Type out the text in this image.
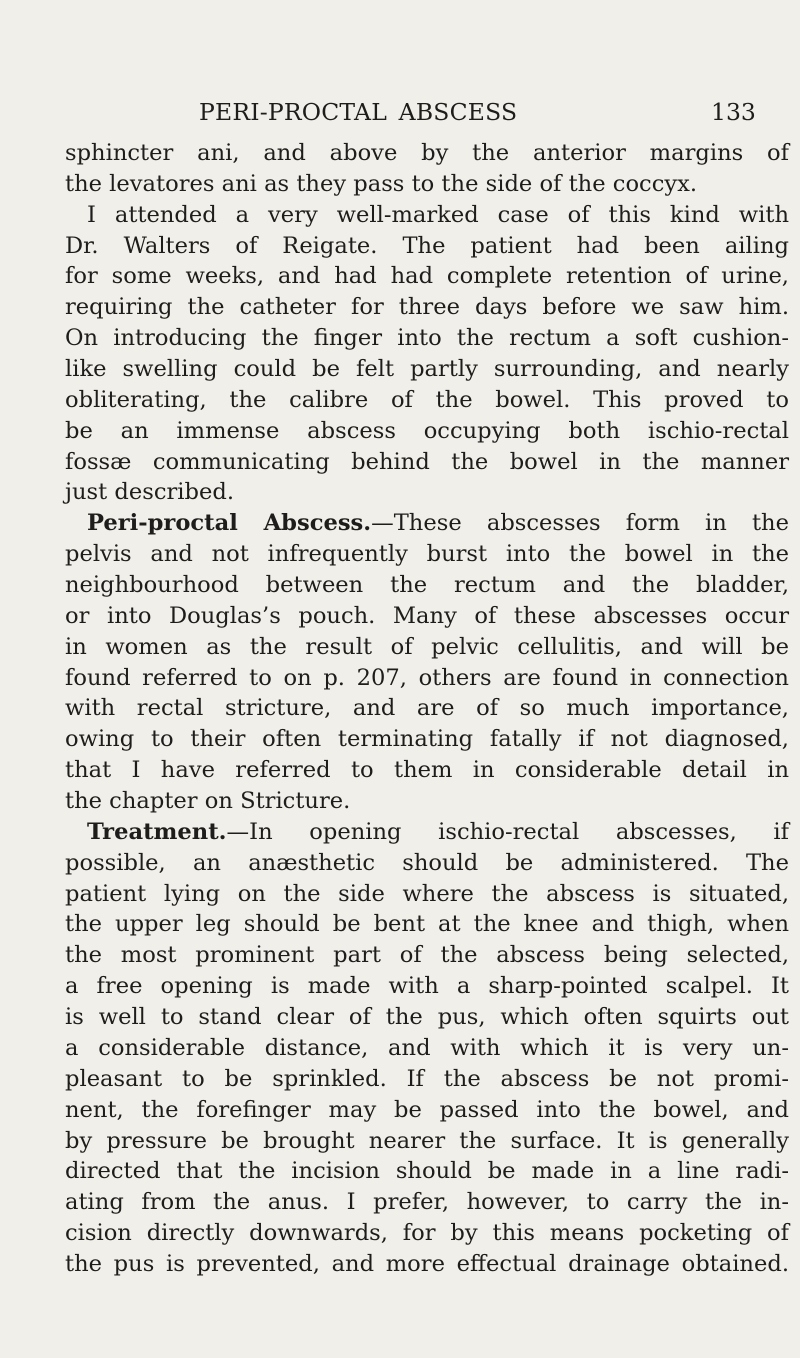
PERI-PROCTAL ABSCESS	133
sphincter ani, and above by the anterior margins of
the levatores ani as they pass to the side of the coccyx.
I attended a very well-marked case of this kind with
Dr. Walters of Reigate. The patient had been ailing
for some weeks, and had had complete retention of urine,
requiring the catheter for three days before we saw him.
On introducing the finger into the rectum a soft cushion-
like swelling could be felt partly surrounding, and nearly
obliterating, the calibre of the bowel. This proved to
be an immense abscess occupying both ischio-rectal
fossæ communicating behind the bowel in the manner
just described.
Peri-proctal Abscess.—These abscesses form in the
pelvis and not infrequently burst into the bowel in the
neighbourhood between the rectum and the bladder,
or into Douglas’s pouch. Many of these abscesses occur
in women as the result of pelvic cellulitis, and will be
found referred to on p. 207, others are found in connection
with rectal stricture, and are of so much importance,
owing to their often terminating fatally if not diagnosed,
that I have referred to them in considerable detail in
the chapter on Stricture.
Treatment.—In opening ischio-rectal abscesses, if
possible, an anæsthetic should be administered. The
patient lying on the side where the abscess is situated,
the upper leg should be bent at the knee and thigh, when
the most prominent part of the abscess being selected,
a free opening is made with a sharp-pointed scalpel. It
is well to stand clear of the pus, which often squirts out
a considerable distance, and with which it is very un-
pleasant to be sprinkled. If the abscess be not promi-
nent, the forefinger may be passed into the bowel, and
by pressure be brought nearer the surface. It is generally
directed that the incision should be made in a line radi-
ating from the anus. I prefer, however, to carry the in-
cision directly downwards, for by this means pocketing of
the pus is prevented, and more effectual drainage obtained.
